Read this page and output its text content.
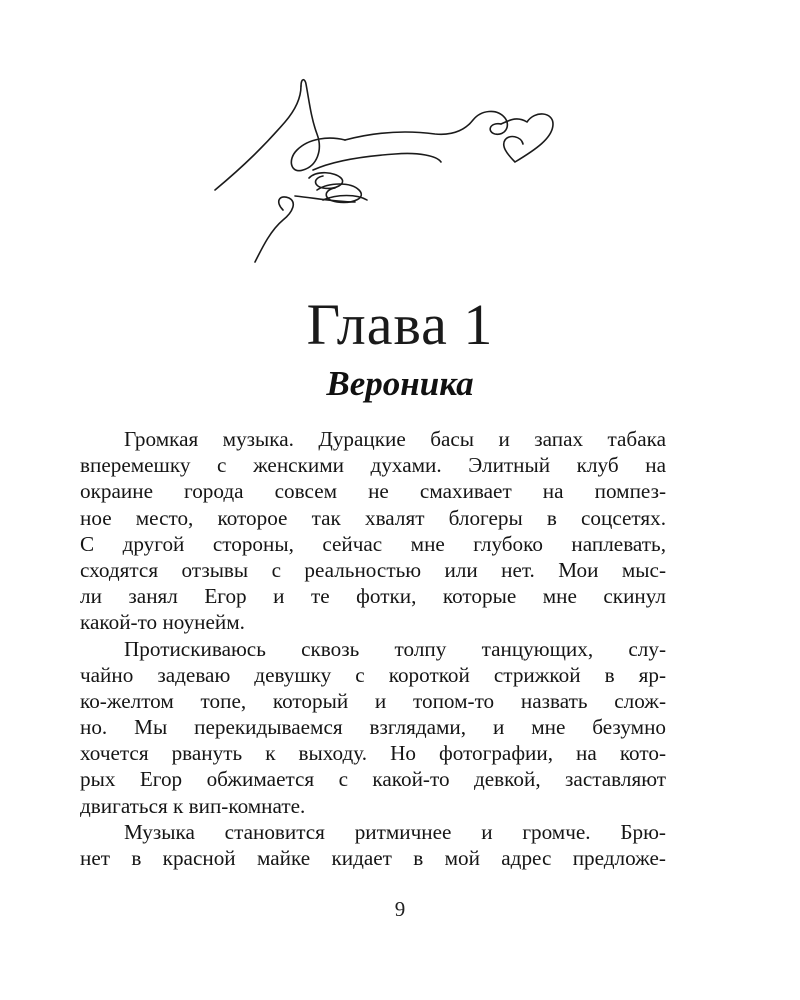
Глава 1
Вероника
Громкая музыка. Дурацкие басы и запах табака
вперемешку с женскими духами. Элитный клуб на
окраине города совсем не смахивает на помпез-
ное место, которое так хвалят блогеры в соцсетях.
С другой стороны, сейчас мне глубоко наплевать,
сходятся отзывы с реальностью или нет. Мои мыс-
ли занял Егор и те фотки, которые мне скинул
какой-то ноунейм.
Протискиваюсь сквозь толпу танцующих, слу-
чайно задеваю девушку с короткой стрижкой в яр-
ко-желтом топе, который и топом-то назвать слож-
но. Мы перекидываемся взглядами, и мне безумно
хочется рвануть к выходу. Но фотографии, на кото-
рых Егор обжимается с какой-то девкой, заставляют
двигаться к вип-комнате.
Музыка становится ритмичнее и громче. Брю-
нет в красной майке кидает в мой адрес предложе-
9
